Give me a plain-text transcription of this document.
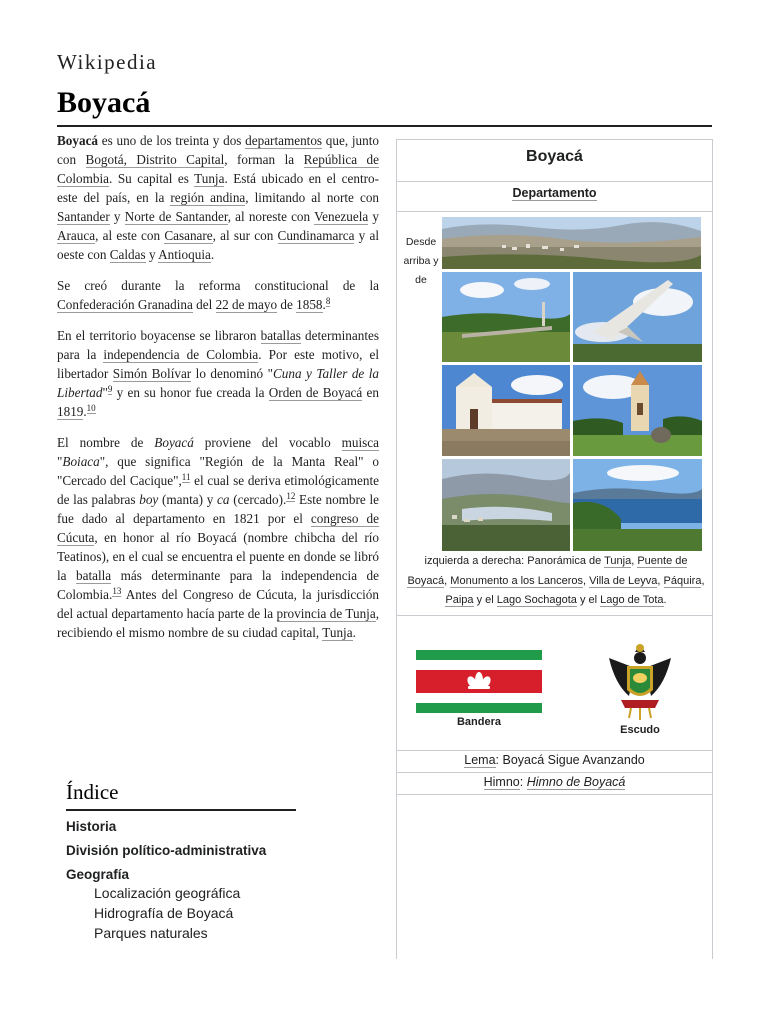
Wikipedia
Boyacá

Boyacá es uno de los treinta y dos departamentos que, junto con Bogotá, Distrito Capital, forman la República de Colombia. Su capital es Tunja. Está ubicado en el centro-este del país, en la región andina, limitando al norte con Santander y Norte de Santander, al noreste con Venezuela y Arauca, al este con Casanare, al sur con Cundinamarca y al oeste con Caldas y Antioquia.

Se creó durante la reforma constitucional de la Confederación Granadina del 22 de mayo de 1858.$^8$

En el territorio boyacense se libraron batallas determinantes para la independencia de Colombia. Por este motivo, el libertador Simón Bolívar lo denominó "Cuna y Taller de la Libertad"$^9$ y en su honor fue creada la Orden de Boyacá en 1819.10

El nombre de Boyacá proviene del vocablo muisca "Boiaca", que significa "Región de la Manta Real" o "Cercado del Cacique",$^{11}$ el cual se deriva etimológicamente de las palabras boy (manta) y ca (cercado).$^{12}$ Este nombre le fue dado al departamento en 1821 por el congreso de Cúcuta, en honor al río Boyacá (nombre chibcha del río Teatinos), en el cual se encuentra el puente en donde se libró la batalla más determinante para la independencia de Colombia.$^{13}$ Antes del Congreso de Cúcuta, la jurisdicción del actual departamento hacía parte de la provincia de Tunja, recibiendo el mismo nombre de su ciudad capital, Tunja.

Índice
Historia
División político-administrativa
Geografía
Localización geográfica
Hidrografía de Boyacá
Parques naturales
Boyacá
Departamento
Desde arriba y de
izquierda a derecha: Panorámica de Tunja, Puente de Boyacá, Monumento a los Lanceros, Villa de Leyva, Páquira, Paipa y el Lago Sochagota y el Lago de Tota.
Bandera
Escudo
Lema: Boyacá Sigue Avanzando
Himno: Himno de Boyacá
